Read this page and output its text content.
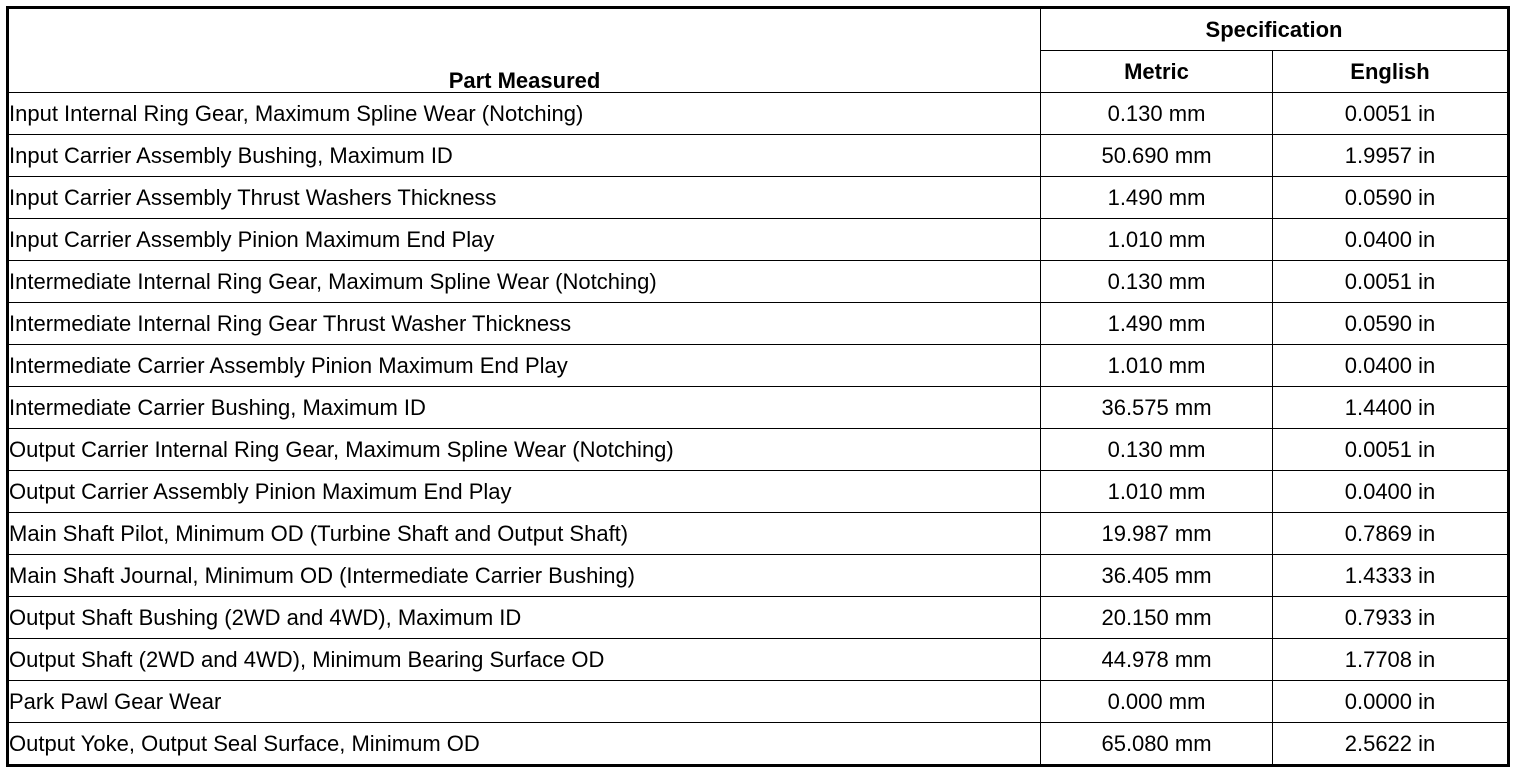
Part Measured	Specification	
	Metric	English
Input Internal Ring Gear, Maximum Spline Wear (Notching)	0.130 mm	0.0051 in
Input Carrier Assembly Bushing, Maximum ID	50.690 mm	1.9957 in
Input Carrier Assembly Thrust Washers Thickness	1.490 mm	0.0590 in
Input Carrier Assembly Pinion Maximum End Play	1.010 mm	0.0400 in
Intermediate Internal Ring Gear, Maximum Spline Wear (Notching)	0.130 mm	0.0051 in
Intermediate Internal Ring Gear Thrust Washer Thickness	1.490 mm	0.0590 in
Intermediate Carrier Assembly Pinion Maximum End Play	1.010 mm	0.0400 in
Intermediate Carrier Bushing, Maximum ID	36.575 mm	1.4400 in
Output Carrier Internal Ring Gear, Maximum Spline Wear (Notching)	0.130 mm	0.0051 in
Output Carrier Assembly Pinion Maximum End Play	1.010 mm	0.0400 in
Main Shaft Pilot, Minimum OD (Turbine Shaft and Output Shaft)	19.987 mm	0.7869 in
Main Shaft Journal, Minimum OD (Intermediate Carrier Bushing)	36.405 mm	1.4333 in
Output Shaft Bushing (2WD and 4WD), Maximum ID	20.150 mm	0.7933 in
Output Shaft (2WD and 4WD), Minimum Bearing Surface OD	44.978 mm	1.7708 in
Park Pawl Gear Wear	0.000 mm	0.0000 in
Output Yoke, Output Seal Surface, Minimum OD	65.080 mm	2.5622 in
